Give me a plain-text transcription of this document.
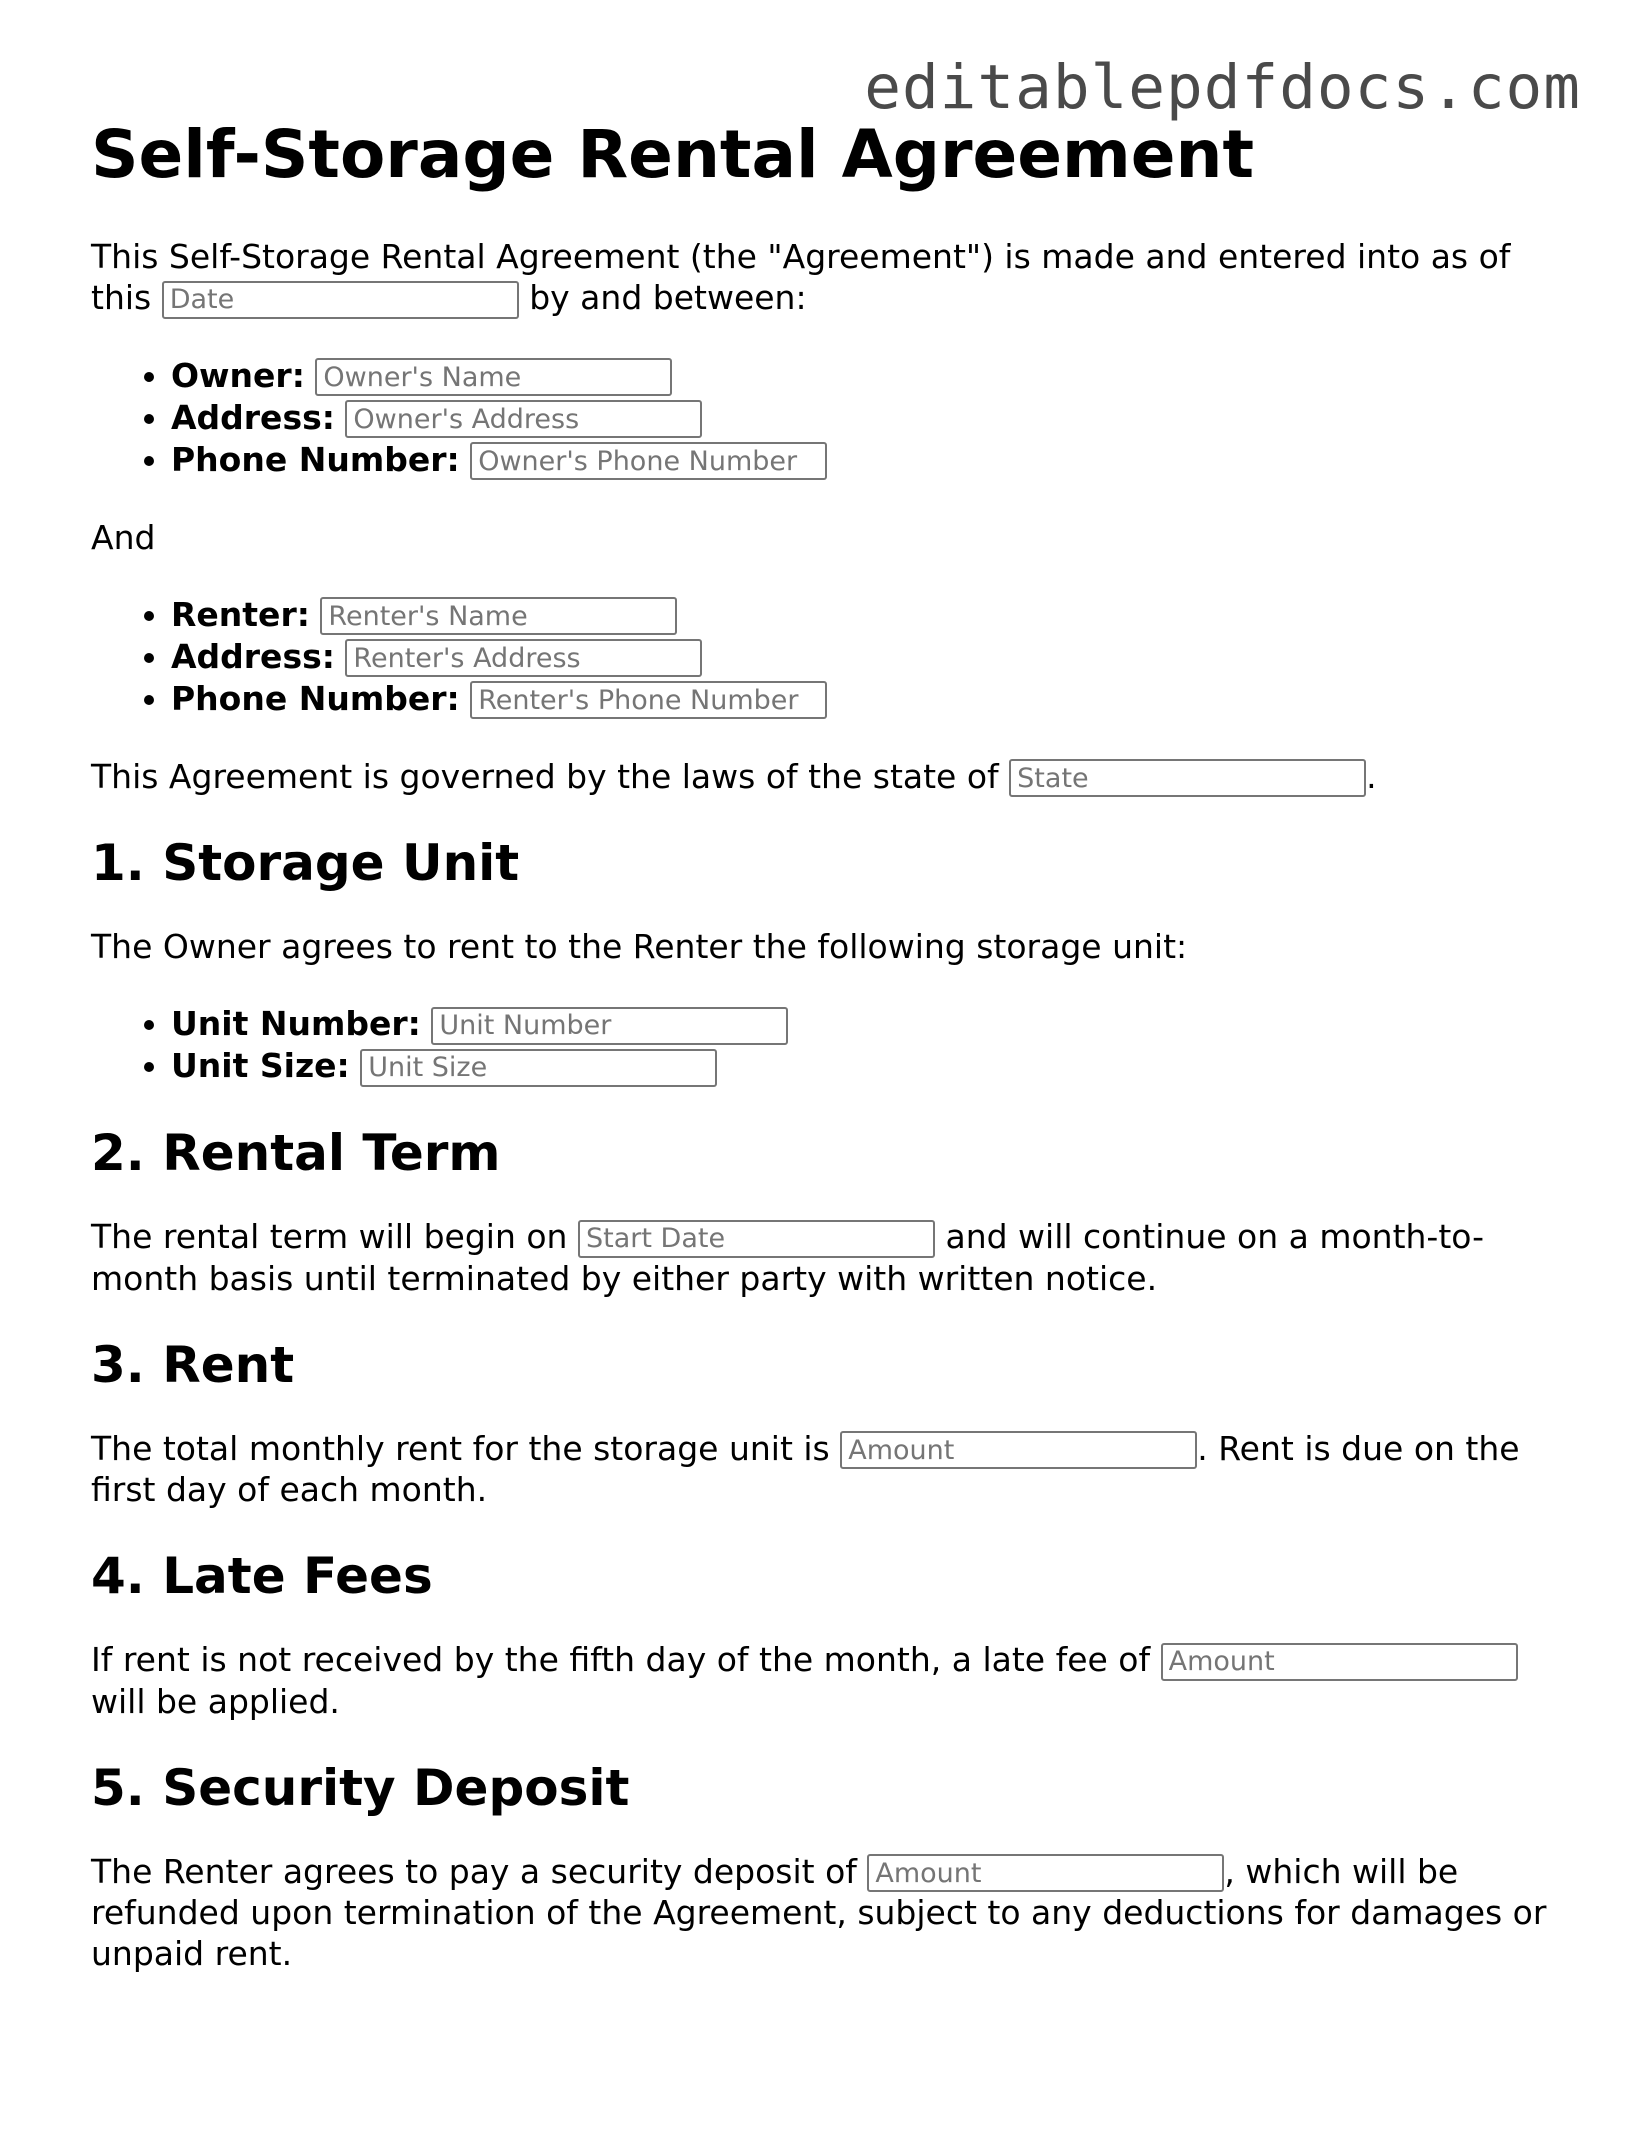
editablepdfdocs.com
Self-Storage Rental Agreement

This Self-Storage Rental Agreement (the "Agreement") is made and entered into as of this Date	by and between:

• Owner: Owner's Name
• Address: Owner's Address
• Phone Number: Owner's Phone Number

And

• Renter: Renter's Name
• Address: Renter's Address
• Phone Number: Renter's Phone Number

This Agreement is governed by the laws of the state of State	.

1. Storage Unit

The Owner agrees to rent to the Renter the following storage unit:

• Unit Number: Unit Number
• Unit Size: Unit Size
2. Rental Term

The rental term will begin on Start Date	and will continue on a month-to-month basis until terminated by either party with written notice.

3. Rent

The total monthly rent for the storage unit is Amount	. Rent is due on the first day of each month.

4. Late Fees

If rent is not received by the fifth day of the month, a late fee of Amount will be applied.

5. Security Deposit

The Renter agrees to pay a security deposit of Amount	, which will be refunded upon termination of the Agreement, subject to any deductions for damages or unpaid rent.
